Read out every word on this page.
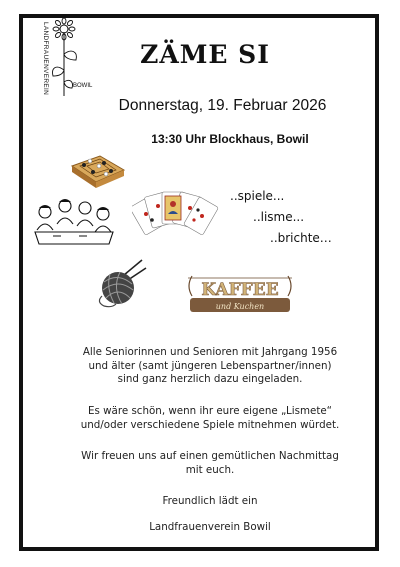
LANDFRAUENVEREIN	BOWIL
ZÄME SI
Donnerstag, 19. Februar 2026
13:30 Uhr Blockhaus, Bowil
..spiele...
..lisme...
..brichte…
KAFFEE
und Kuchen
Alle Seniorinnen und Senioren mit Jahrgang 1956
und älter (samt jüngeren Lebenspartner/innen)
sind ganz herzlich dazu eingeladen.
Es wäre schön, wenn ihr eure eigene „Lismete“
und/oder verschiedene Spiele mitnehmen würdet.
Wir freuen uns auf einen gemütlichen Nachmittag
mit euch.
Freundlich lädt ein
Landfrauenverein Bowil
